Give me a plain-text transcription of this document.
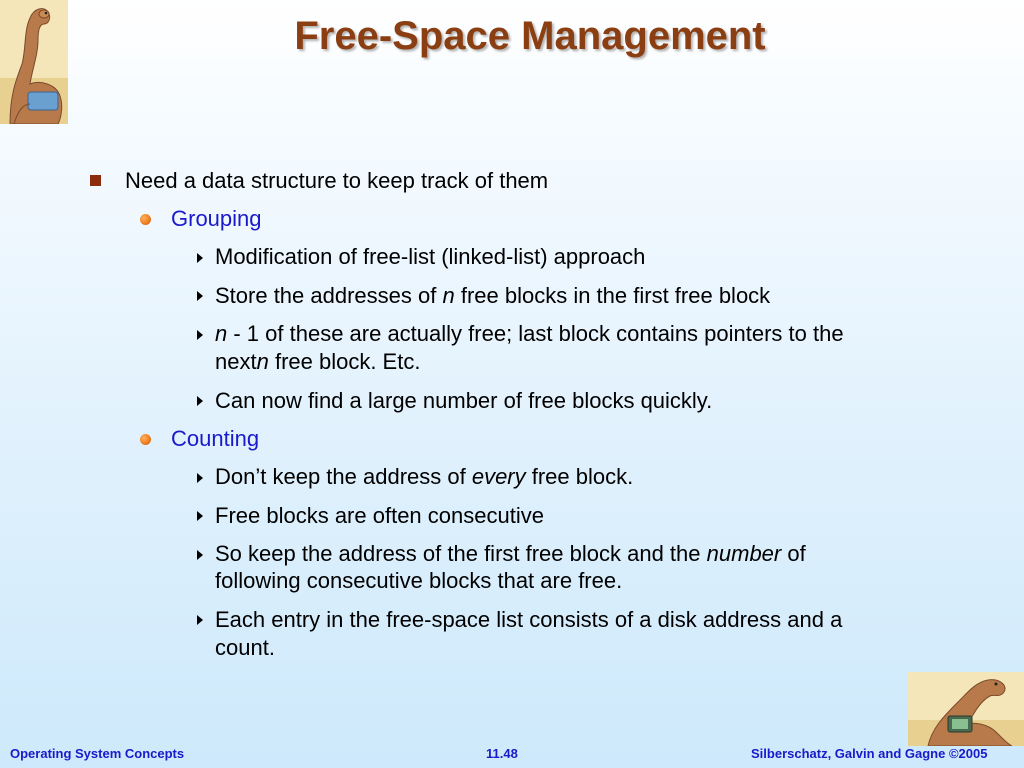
Free-Space Management
Need a data structure to keep track of them
Grouping
Modification of free-list (linked-list) approach
Store the addresses of n free blocks in the first free block
n - 1 of these are actually free; last block contains pointers to the
nextn free block. Etc.
Can now find a large number of free blocks quickly.
Counting
Don’t keep the address of every free block.
Free blocks are often consecutive
So keep the address of the first free block and the number of
following consecutive blocks that are free.
Each entry in the free-space list consists of a disk address and a
count.
Operating System Concepts	11.48	Silberschatz, Galvin and Gagne ©2005
